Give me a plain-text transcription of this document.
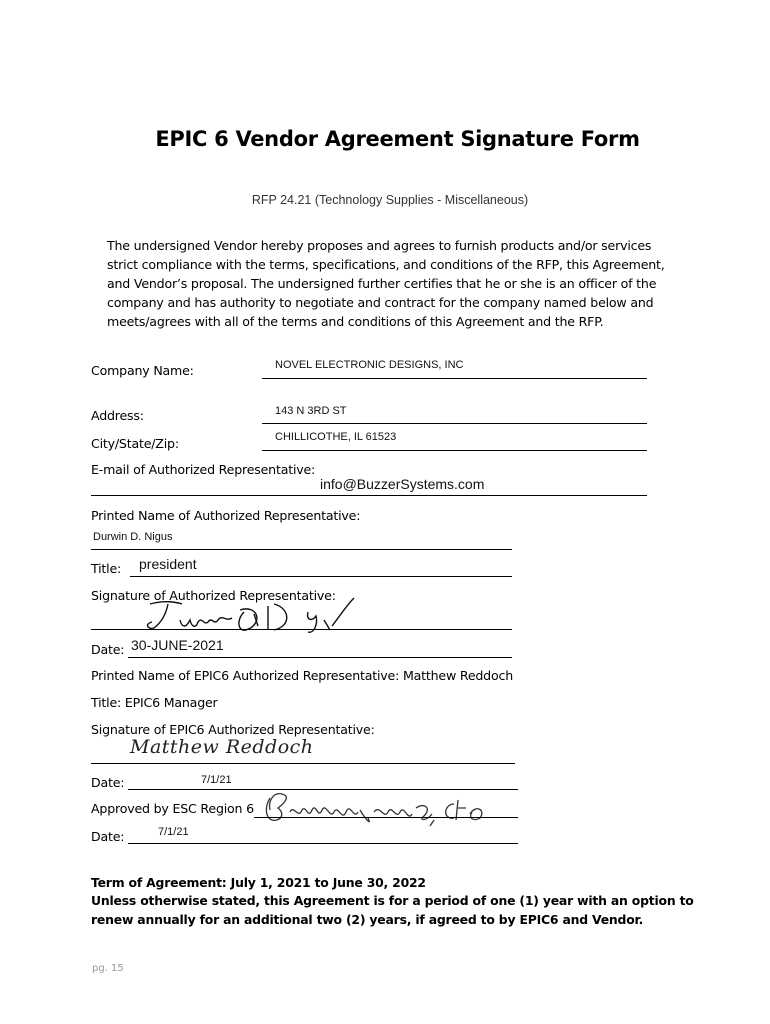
EPIC 6 Vendor Agreement Signature Form
RFP 24.21 (Technology Supplies - Miscellaneous)
The undersigned Vendor hereby proposes and agrees to furnish products and/or services
strict compliance with the terms, specifications, and conditions of the RFP, this Agreement,
and Vendor’s proposal. The undersigned further certifies that he or she is an officer of the
company and has authority to negotiate and contract for the company named below and
meets/agrees with all of the terms and conditions of this Agreement and the RFP.
Company Name:	NOVEL ELECTRONIC DESIGNS, INC
Address:	143 N 3RD ST
City/State/Zip:	CHILLICOTHE, IL 61523
E-mail of Authorized Representative:
info@BuzzerSystems.com
Printed Name of Authorized Representative:
Durwin D. Nigus
Title: president
Signature of Authorized Representative:
Date: 30-JUNE-2021
Printed Name of EPIC6 Authorized Representative: Matthew Reddoch
Title: EPIC6 Manager
Signature of EPIC6 Authorized Representative:
Matthew Reddoch
Date:	7/1/21
Approved by ESC Region 6
Date:	7/1/21
Term of Agreement: July 1, 2021 to June 30, 2022
Unless otherwise stated, this Agreement is for a period of one (1) year with an option to
renew annually for an additional two (2) years, if agreed to by EPIC6 and Vendor.
pg. 15
